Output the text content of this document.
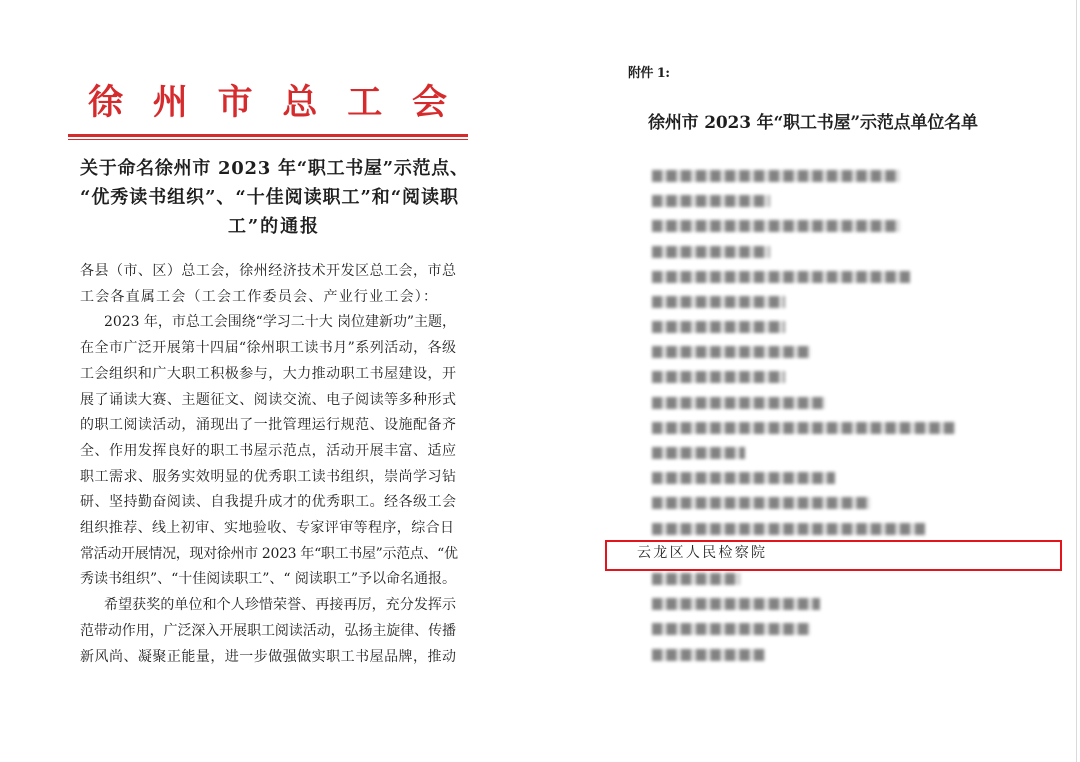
徐州市总工会
关于命名徐州市 2023 年“职工书屋”示范点、
“优秀读书组织”、“十佳阅读职工”和“阅读职
工”的通报
各县（市、区）总工会，徐州经济技术开发区总工会，市总
工会各直属工会（工会工作委员会、产业行业工会）：
2023 年，市总工会围绕“学习二十大 岗位建新功”主题，
在全市广泛开展第十四届“徐州职工读书月”系列活动，各级
工会组织和广大职工积极参与，大力推动职工书屋建设，开
展了诵读大赛、主题征文、阅读交流、电子阅读等多种形式
的职工阅读活动，涌现出了一批管理运行规范、设施配备齐
全、作用发挥良好的职工书屋示范点，活动开展丰富、适应
职工需求、服务实效明显的优秀职工读书组织，崇尚学习钻
研、坚持勤奋阅读、自我提升成才的优秀职工。经各级工会
组织推荐、线上初审、实地验收、专家评审等程序，综合日
常活动开展情况，现对徐州市 2023 年“职工书屋”示范点、“优
秀读书组织”、“十佳阅读职工”、“ 阅读职工”予以命名通报。
希望获奖的单位和个人珍惜荣誉、再接再厉，充分发挥示
范带动作用，广泛深入开展职工阅读活动，弘扬主旋律、传播
新风尚、凝聚正能量，进一步做强做实职工书屋品牌，推动
附件 1:
徐州市 2023 年“职工书屋”示范点单位名单
云龙区人民检察院
